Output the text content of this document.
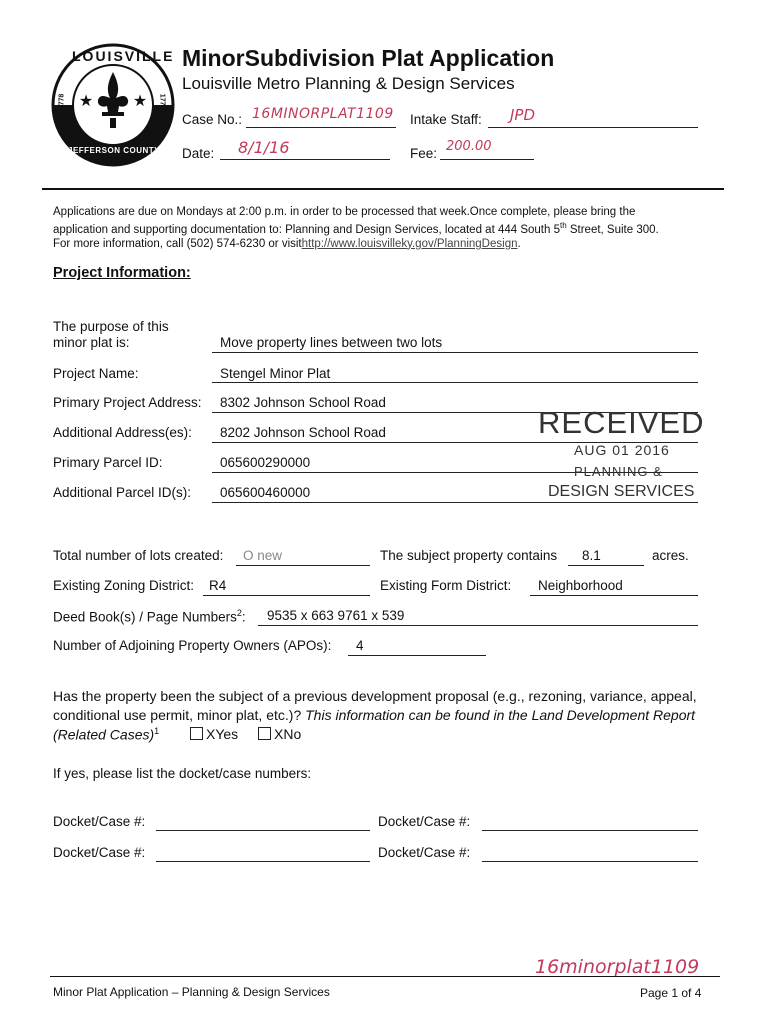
★ ★
LOUISVILLE
JEFFERSON COUNTY
1778	1778
MinorSubdivision Plat Application
Louisville Metro Planning & Design Services
Case No.: 16MINORPLAT1109 Intake Staff: JPD
Date: 8/1/16	Fee: 200.00
Applications are due on Mondays at 2:00 p.m. in order to be processed that week.Once complete, please bring the
application and supporting documentation to: Planning and Design Services, located at 444 South 5th Street, Suite 300.
For more information, call (502) 574-6230 or visithttp://www.louisvilleky.gov/PlanningDesign.
Project Information:
The purpose of this
minor plat is:	Move property lines between two lots
Project Name:	Stengel Minor Plat
Primary Project Address: 8302 Johnson School Road
Additional Address(es): 8202 Johnson School Road
Primary Parcel ID:	065600290000
Additional Parcel ID(s): 065600460000
RECEIVED
AUG 01 2016
PLANNING &
DESIGN SERVICES
Total number of lots created: O new	The subject property contains 8.1	acres.
Existing Zoning District: R4	Existing Form District: Neighborhood
Deed Book(s) / Page Numbers$^2$: 9535 x 663 9761 x 539
Number of Adjoining Property Owners (APOs): 4
Has the property been the subject of a previous development proposal (e.g., rezoning, variance, appeal,
conditional use permit, minor plat, etc.)? This information can be found in the Land Development Report
(Related Cases)$^1$	XYes	XNo
If yes, please list the docket/case numbers:
Docket/Case #:	Docket/Case #:
Docket/Case #:	Docket/Case #:
16minorplat1109
Minor Plat Application – Planning & Design Services	Page 1 of 4
